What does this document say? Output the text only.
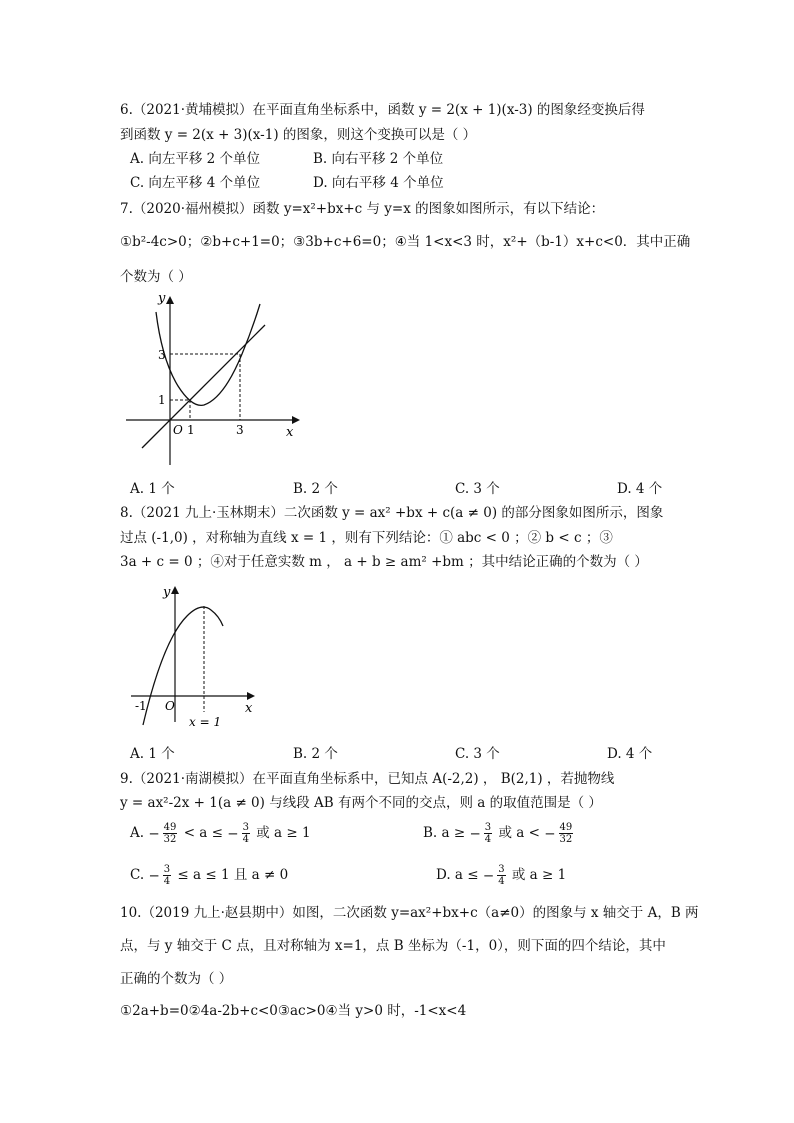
6.（2021·黄埔模拟）在平面直角坐标系中，函数 y = 2(x + 1)(x-3) 的图象经变换后得
到函数 y = 2(x + 3)(x-1) 的图象，则这个变换可以是（ ）
A. 向左平移 2 个单位	B. 向右平移 2 个单位
C. 向左平移 4 个单位	D. 向右平移 4 个单位
7.（2020·福州模拟）函数 y=x²+bx+c 与 y=x 的图象如图所示，有以下结论：
①b²-4c>0；②b+c+1=0；③3b+c+6=0；④当 1<x<3 时，x²+（b-1）x+c<0．其中正确
个数为（ ）
y
x
O 1	3
1
3
A. 1 个	B. 2 个	C. 3 个	D. 4 个
8.（2021 九上·玉林期末）二次函数 y = ax² +bx + c(a ≠ 0) 的部分图象如图所示，图象
过点 (-1,0) ，对称轴为直线 x = 1 ，则有下列结论：① abc < 0 ；② b < c ；③
3a + c = 0 ；④对于任意实数 m ， a + b ≥ am² +bm ；其中结论正确的个数为（ ）
y
x
O
-1
x = 1
A. 1 个	B. 2 个	C. 3 个	D. 4 个
9.（2021·南湖模拟）在平面直角坐标系中，已知点 A(-2,2) ， B(2,1) ，若抛物线
y = ax²-2x + 1(a ≠ 0) 与线段 AB 有两个不同的交点，则 a 的取值范围是（ ）
A. − $\frac{49}{32} < a$ ≤ − $\frac{3}{4}$ 或 a ≥ 1	B. a ≥ − $\frac{3}{4}$ 或 a < − $\frac{49}{32}$
C. − $\frac{3}{4} \le a \le 1$ 且 a ≠ 0	D. a ≤ − $\frac{3}{4}$ 或 a ≥ 1
10.（2019 九上·赵县期中）如图，二次函数 y=ax²+bx+c（a≠0）的图象与 x 轴交于 A，B 两
点，与 y 轴交于 C 点，且对称轴为 x=1，点 B 坐标为（-1，0），则下面的四个结论，其中
正确的个数为（ ）
①2a+b=0②4a-2b+c<0③ac>0④当 y>0 时，-1<x<4
